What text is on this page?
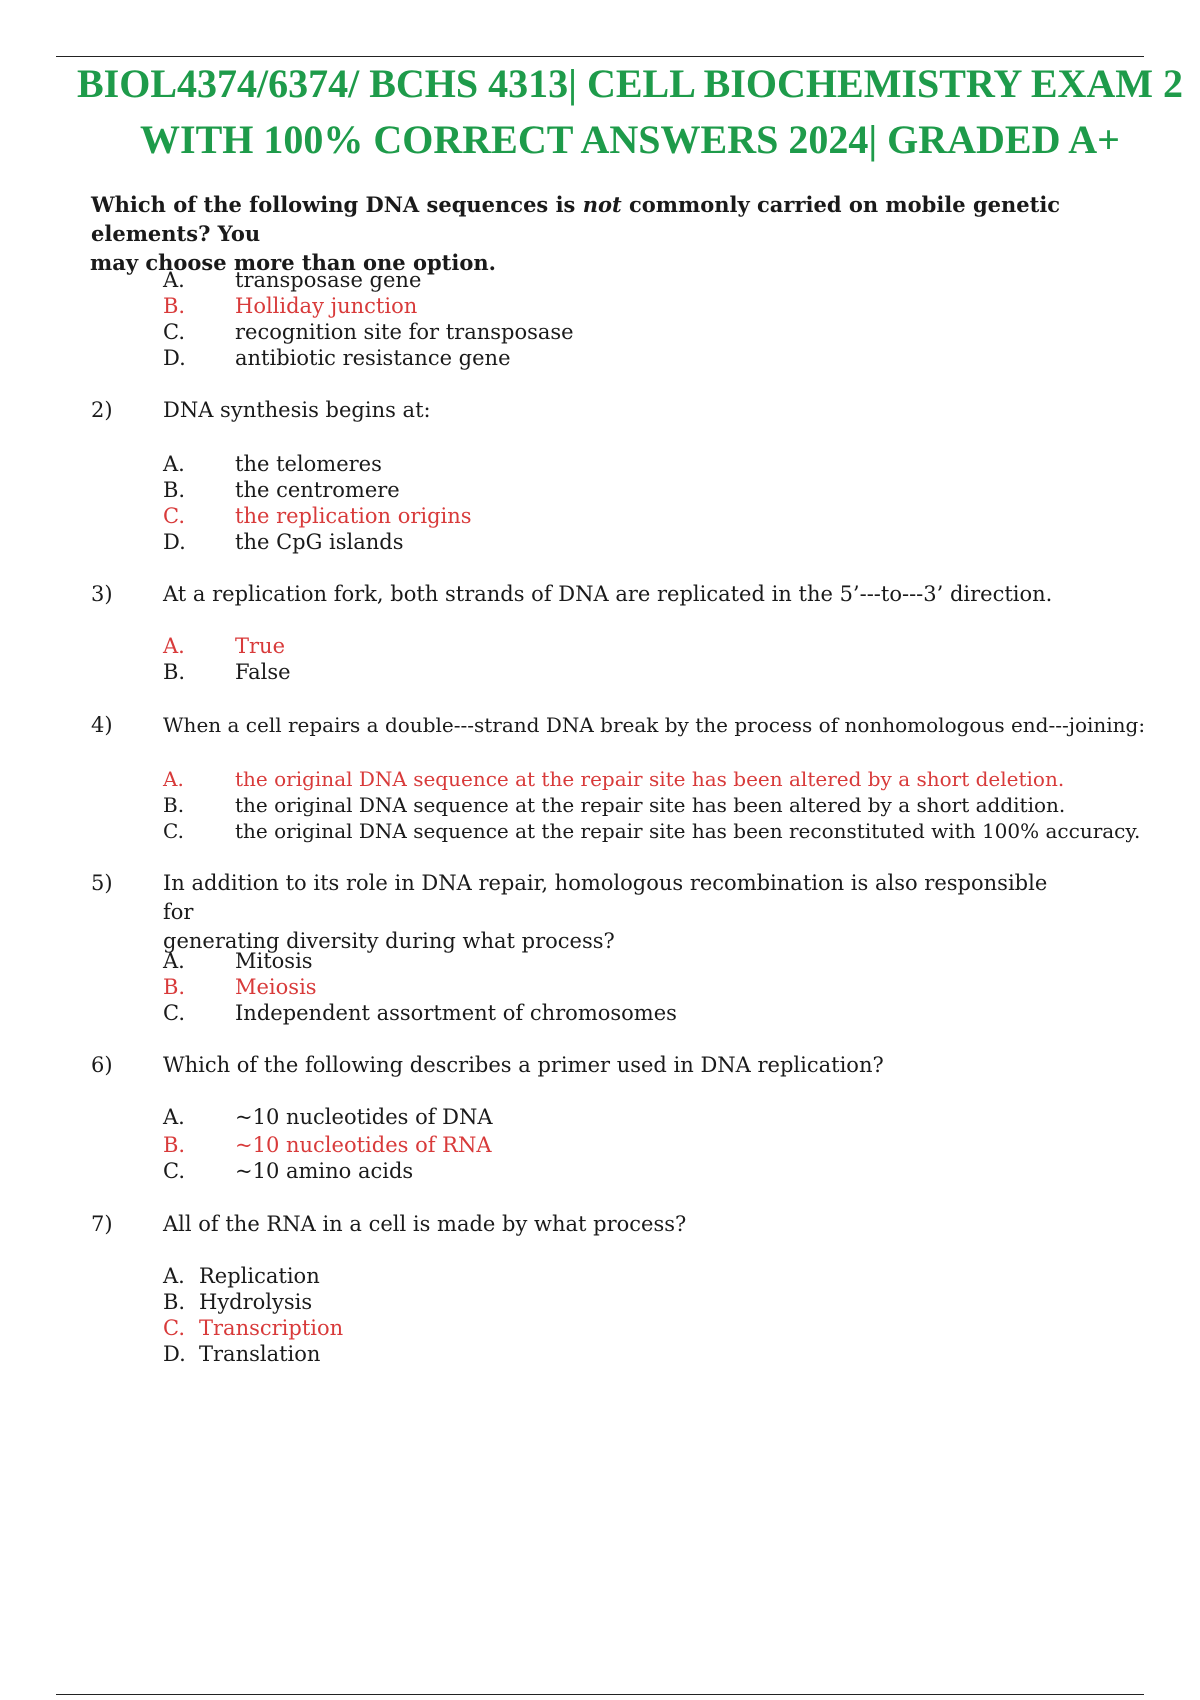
BIOL4374/6374/ BCHS 4313| CELL BIOCHEMISTRY EXAM 2
WITH 100% CORRECT ANSWERS 2024| GRADED A+
Which of the following DNA sequences is not commonly carried on mobile genetic elements? You
may choose more than one option.
A. transposase gene
B. Holliday junction
C. recognition site for transposase
D. antibiotic resistance gene
2) DNA synthesis begins at:
A. the telomeres
B. the centromere
C. the replication origins
D. the CpG islands
3) At a replication fork, both strands of DNA are replicated in the 5’---to---3’ direction.
A. True
B. False
4)	When a cell repairs a double---strand DNA break by the process of nonhomologous end---joining:
A.	the original DNA sequence at the repair site has been altered by a short deletion.
B.	the original DNA sequence at the repair site has been altered by a short addition.
C.	the original DNA sequence at the repair site has been reconstituted with 100% accuracy.
5) In addition to its role in DNA repair, homologous recombination is also responsible for
generating diversity during what process?
A. Mitosis
B. Meiosis
C. Independent assortment of chromosomes
6) Which of the following describes a primer used in DNA replication?
A. ~10 nucleotides of DNA
B. ~10 nucleotides of RNA
C. ~10 amino acids
7) All of the RNA in a cell is made by what process?
A. Replication
B. Hydrolysis
C. Transcription
D. Translation
